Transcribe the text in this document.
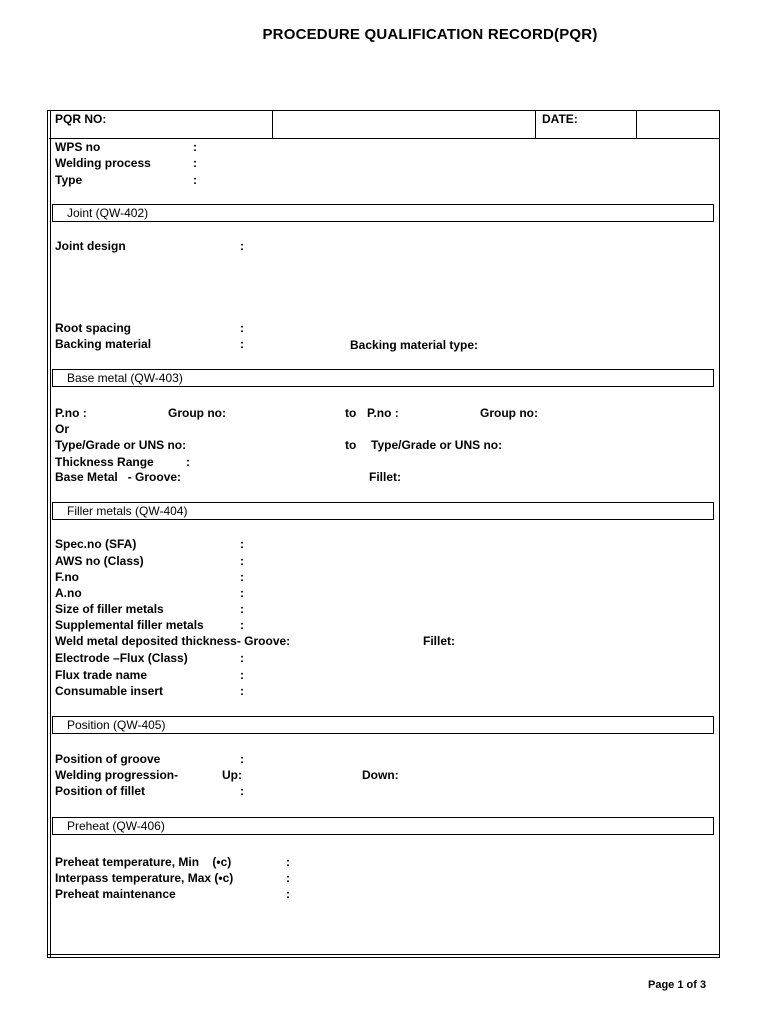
PROCEDURE QUALIFICATION RECORD(PQR)
PQR NO:	DATE:
WPS no	:
Welding process	:
Type	:
Joint (QW-402)
Joint design	:
Root spacing	:
Backing material	:	Backing material type:
Base metal (QW-403)
P.no :	Group no:	to P.no :	Group no:
Or
Type/Grade or UNS no:	to Type/Grade or UNS no:
Thickness Range	:
Base Metal   - Groove:	Fillet:
Filler metals (QW-404)
Spec.no (SFA)	:
AWS no (Class)	:
F.no	:
A.no	:
Size of filler metals	:
Supplemental filler metals	:
Weld metal deposited thickness- Groove:	Fillet:
Electrode –Flux (Class)	:
Flux trade name	:
Consumable insert	:
Position (QW-405)
Position of groove	:
Welding progression-	Up:	Down:
Position of fillet	:
Preheat (QW-406)
Preheat temperature, Min    (•c)	:
Interpass temperature, Max (•c)	:
Preheat maintenance	:
Page 1 of 3
